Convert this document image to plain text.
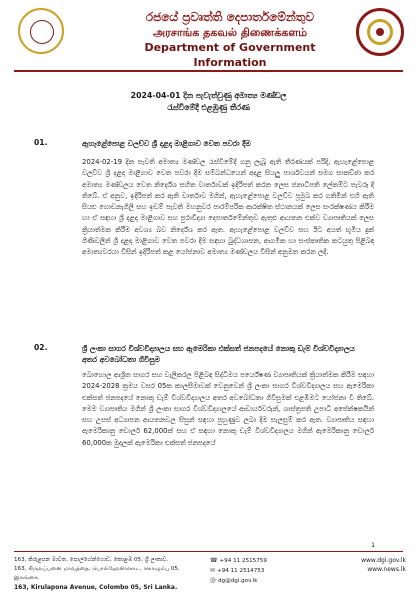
රජයේ ප්‍රවෘත්ති දෙපාර්තමේන්තුව
அரசாங்க தகவல் திணைக்களம்
Department of Government Information
2024-04-01 දින පැවැත්වුණු අමාත්‍ය මණ්ඩල
රැස්වීමේදී එළඹුණු තීරණ
01.	ඇහැළේපොළ වලව්ව ශ්‍රී දළදා මාළිගාව වෙත පවරා දීම

2024-02-19 දින පැවති අමාත්‍ය මණ්ඩල රැස්වීමේදී ගනු ලැබූ ඇති තීරණයක් පරිදි, ඇහැළේපොළ වලව්ව ශ්‍රී දළදා මාළිගාව වෙත පවරා දීම සම්බන්ධයෙන් අදාළ සියලු පාර්ශවයන් සමග සාකච්ඡා කර අමාත්‍ය මණ්ඩලය වෙත නිර්දේශ සහිත වාර්තාවක් ඉදිරිපත් කරන ලෙස ජනාධිපති ලේකම්ට පැවරූ දී තිබේ. ඒ අනුව, ඉදිරිපත් කර ඇති වාර්තාව මගින්, ඇහැළේපොළ වලව්ව ප්‍රමුඛ කර ගනිමින් එහි ඇති සියළු ගොඩනැගිලි සහ ඉඩම් පැවති මහනුවර පාරම්පරික ආරක්ෂිත ස්ථානයක් ලෙස සංරක්ෂණය කිරීම හා ඒ සඳහා ශ්‍රී දළදා මාළිගාව සහ පුරාවිද්‍යා දෙපාර්තමේන්තුව ඇතුළු ආයතන එක්ව ව්‍යාපෘතියක් ලෙස ක්‍රියාත්මක කිරීම අවශ්‍ය බව නිර්දේශ කර ඇත. ඇහැළේපොළ වලව්ව සහ ඊට අයත් භූමිය දුක් ගිණිවලින් ශ්‍රී දළදා මාළිගාව වෙත පවරා දීම සඳහා බුද්ධශාසන, ආගමික හා සංස්කෘතික කටයුතු පිළිබඳ අමාත්‍යවරයා විසින් ඉදිරිපත් කළ යෝජනාව අමාත්‍ය මණ්ඩලය විසින් අනුමත කරන ලදී.

02.	ශ්‍රී ලංකා සාගර විශ්වවිද්‍යාලය සහ ඇමෙරිකා එක්සත් ජනපදයේ නොකු ඩැම් විශ්වවිද්‍යාලය අතර අවබෝධතා ගිවිසුම

බොහොල ආශ්‍රිත සාගර සහ වැලිකරල පිළිබඳ සිද්ධිමය පර්යේෂණ ව්‍යාපෘතියක් ක්‍රියාත්මක කිරීම සඳහා 2024-2028 ක්‍රමය වසර 05ක කාලසීමාවක් වෙනුවෙන් ශ්‍රී ලංකා සාගර විශ්වවිද්‍යාලය සහ ඇමෙරිකා එක්සත් ජනපදයේ නොකු ඩැම් විශ්වවිද්‍යාලය අතර අවබෝධතා ගිවිසුමක් එළඹීමට යෝජනා වී තිබේ. මෙම ව්‍යාපෘතිය මගින් ශ්‍රී ලංකා සාගර විශ්වවිද්‍යාලයේ ආචාර්යවරුන්, ශාස්ත්‍රපති උපාධි අපේක්ෂකයින් සහ උසස් අධ්‍යාපන ආයතනවල සිසුන් සඳහා පුහුණුව ලබා දීම සැලසුම් කර ඇත. ව්‍යාපෘතිය සඳහා ඇමෙරිකානු ඩොලර් 62,000ක් සහ ඒ සඳහා නොකු ඩැම් විශ්වවිද්‍යාලය මගින් ඇමෙරිකානු ඩොලර් 60,000ක මුදලක් ඇමෙරිකා එක්සත් ජනපදයේ

1
163, කිරුළපන මාවත, පොල්හේන්ගොඩ, කොළඹ 05, ශ්‍රී ලංකාව.
163, கிருலப்பனை மாவத்தை, பொல்ஹேன்கொட, கொழும்பு 05, இலங்கை.
163, Kirulapona Avenue, Colombo 05, Sri Lanka.
☎ +94 11 2515759
✉ +94 11 2514753
@ dg@dgi.gov.lk
www.dgi.gov.lk
www.news.lk
